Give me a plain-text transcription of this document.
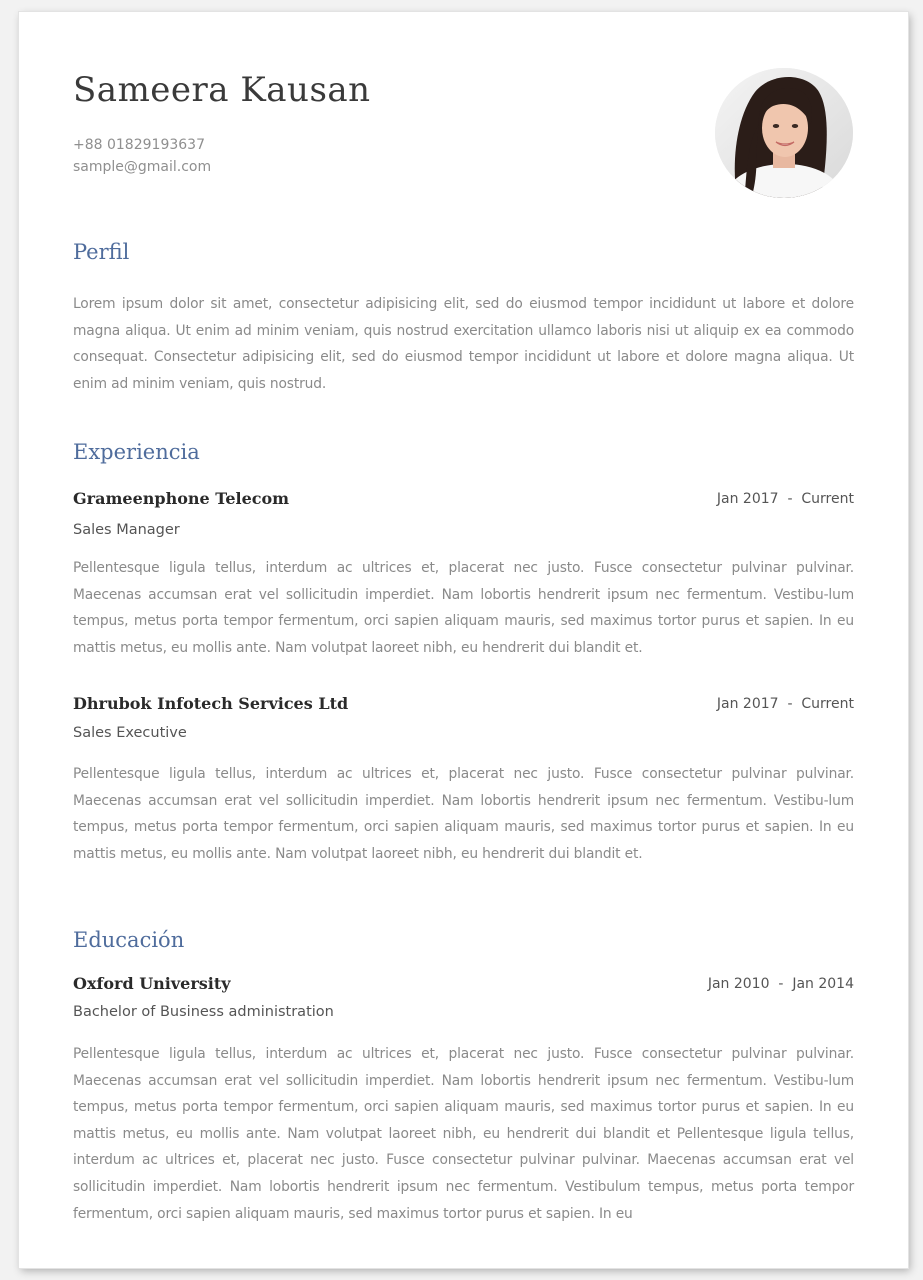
Sameera Kausan
+88 01829193637
sample@gmail.com
Perfil

Lorem ipsum dolor sit amet, consectetur adipisicing elit, sed do eiusmod tempor incididunt ut labore et dolore magna aliqua. Ut enim ad minim veniam, quis nostrud exercitation ullamco laboris nisi ut aliquip ex ea commodo consequat. Consectetur adipisicing elit, sed do eiusmod tempor incididunt ut labore et dolore magna aliqua. Ut enim ad minim veniam, quis nostrud.

Experiencia
Grameenphone Telecom	Jan 2017  -  Current
Sales Manager

Pellentesque ligula tellus, interdum ac ultrices et, placerat nec justo. Fusce consectetur pulvinar pulvinar. Maecenas accumsan erat vel sollicitudin imperdiet. Nam lobortis hendrerit ipsum nec fermentum. Vestibu-lum tempus, metus porta tempor fermentum, orci sapien aliquam mauris, sed maximus tortor purus et sapien. In eu mattis metus, eu mollis ante. Nam volutpat laoreet nibh, eu hendrerit dui blandit et.

Dhrubok Infotech Services Ltd	Jan 2017  -  Current
Sales Executive

Pellentesque ligula tellus, interdum ac ultrices et, placerat nec justo. Fusce consectetur pulvinar pulvinar. Maecenas accumsan erat vel sollicitudin imperdiet. Nam lobortis hendrerit ipsum nec fermentum. Vestibu-lum tempus, metus porta tempor fermentum, orci sapien aliquam mauris, sed maximus tortor purus et sapien. In eu mattis metus, eu mollis ante. Nam volutpat laoreet nibh, eu hendrerit dui blandit et.

Educación
Oxford University	Jan 2010  -  Jan 2014
Bachelor of Business administration

Pellentesque ligula tellus, interdum ac ultrices et, placerat nec justo. Fusce consectetur pulvinar pulvinar. Maecenas accumsan erat vel sollicitudin imperdiet. Nam lobortis hendrerit ipsum nec fermentum. Vestibu-lum tempus, metus porta tempor fermentum, orci sapien aliquam mauris, sed maximus tortor purus et sapien. In eu mattis metus, eu mollis ante. Nam volutpat laoreet nibh, eu hendrerit dui blandit et Pellentesque ligula tellus, interdum ac ultrices et, placerat nec justo. Fusce consectetur pulvinar pulvinar. Maecenas accumsan erat vel sollicitudin imperdiet. Nam lobortis hendrerit ipsum nec fermentum. Vestibulum tempus, metus porta tempor fermentum, orci sapien aliquam mauris, sed maximus tortor purus et sapien. In eu
